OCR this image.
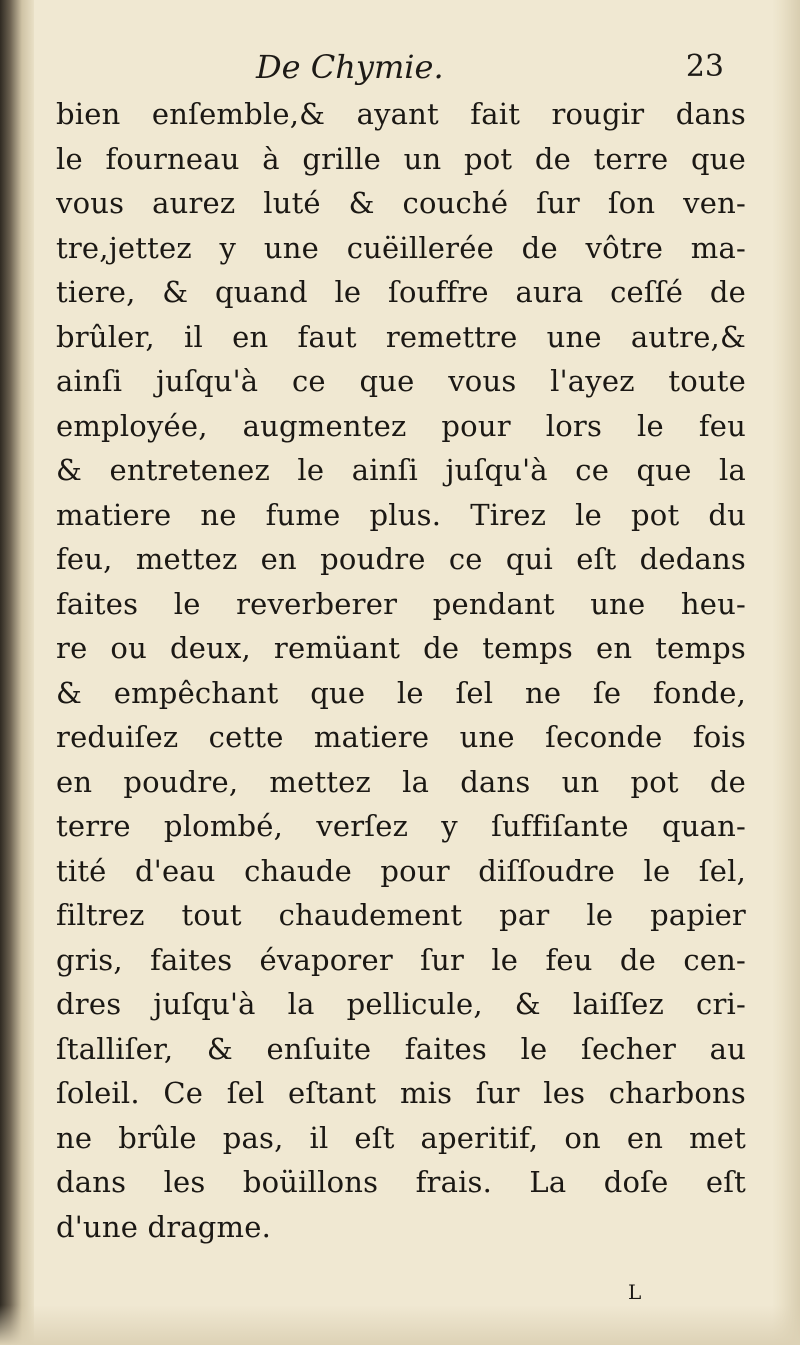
De Chymie.	23
bien enſemble,& ayant fait rougir dans
le fourneau à grille un pot de terre que
vous aurez luté & couché ſur ſon ven-
tre,jettez y une cuëillerée de vôtre ma-
tiere, & quand le ſouffre aura ceſſé de
brûler, il en faut remettre une autre,&
ainſi juſqu'à ce que vous l'ayez toute
employée, augmentez pour lors le feu
& entretenez le ainſi juſqu'à ce que la
matiere ne fume plus. Tirez le pot du
feu, mettez en poudre ce qui eſt dedans
faites le reverberer pendant une heu-
re ou deux, remüant de temps en temps
& empêchant que le ſel ne ſe fonde,
reduiſez cette matiere une ſeconde fois
en poudre, mettez la dans un pot de
terre plombé, verſez y ſuffiſante quan-
tité d'eau chaude pour diſſoudre le ſel,
filtrez tout chaudement par le papier
gris, faites évaporer ſur le feu de cen-
dres juſqu'à la pellicule, & laiſſez cri-
ſtalliſer, & enſuite faites le ſecher au
ſoleil. Ce ſel eſtant mis ſur les charbons
ne brûle pas, il eſt aperitif, on en met
dans les boüillons frais. La doſe eſt
d'une dragme.
L
